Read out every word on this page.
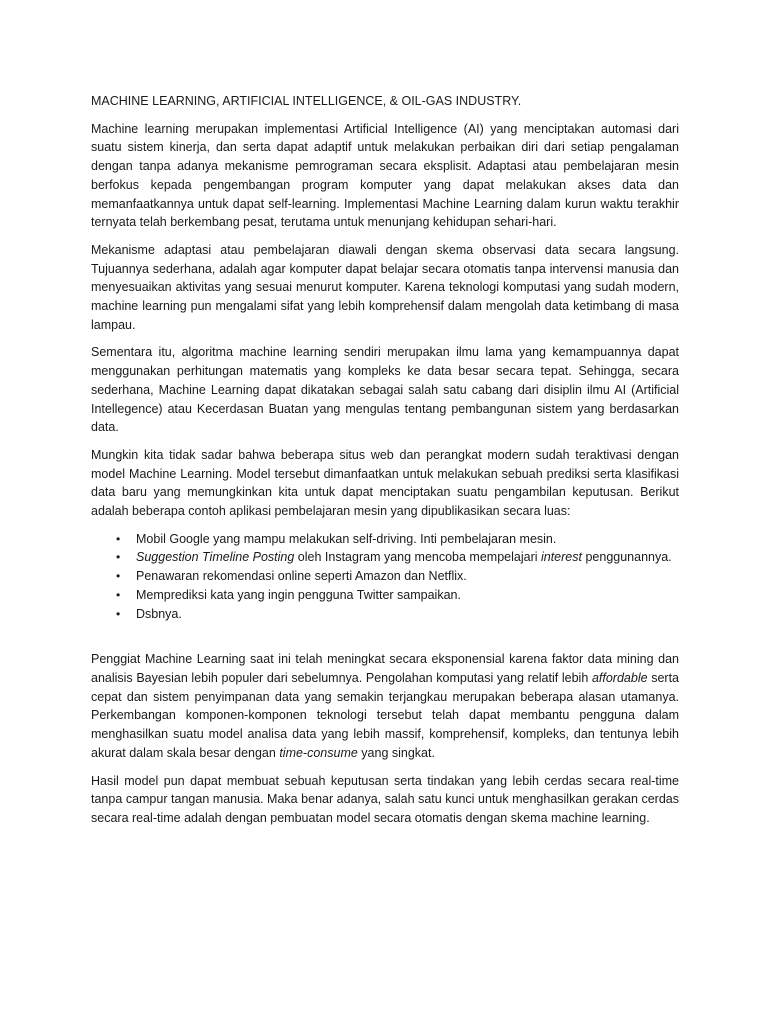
MACHINE LEARNING, ARTIFICIAL INTELLIGENCE, & OIL-GAS INDUSTRY.

Machine learning merupakan implementasi Artificial Intelligence (AI) yang menciptakan automasi dari suatu sistem kinerja, dan serta dapat adaptif untuk melakukan perbaikan diri dari setiap pengalaman dengan tanpa adanya mekanisme pemrograman secara eksplisit. Adaptasi atau pembelajaran mesin berfokus kepada pengembangan program komputer yang dapat melakukan akses data dan memanfaatkannya untuk dapat self-learning. Implementasi Machine Learning dalam kurun waktu terakhir ternyata telah berkembang pesat, terutama untuk menunjang kehidupan sehari-hari.

Mekanisme adaptasi atau pembelajaran diawali dengan skema observasi data secara langsung. Tujuannya sederhana, adalah agar komputer dapat belajar secara otomatis tanpa intervensi manusia dan menyesuaikan aktivitas yang sesuai menurut komputer. Karena teknologi komputasi yang sudah modern, machine learning pun mengalami sifat yang lebih komprehensif dalam mengolah data ketimbang di masa lampau.

Sementara itu, algoritma machine learning sendiri merupakan ilmu lama yang kemampuannya dapat menggunakan perhitungan matematis yang kompleks ke data besar secara tepat. Sehingga, secara sederhana, Machine Learning dapat dikatakan sebagai salah satu cabang dari disiplin ilmu AI (Artificial Intellegence) atau Kecerdasan Buatan yang mengulas tentang pembangunan sistem yang berdasarkan data.

Mungkin kita tidak sadar bahwa beberapa situs web dan perangkat modern sudah teraktivasi dengan model Machine Learning. Model tersebut dimanfaatkan untuk melakukan sebuah prediksi serta klasifikasi data baru yang memungkinkan kita untuk dapat menciptakan suatu pengambilan keputusan. Berikut adalah beberapa contoh aplikasi pembelajaran mesin yang dipublikasikan secara luas:

• Mobil Google yang mampu melakukan self-driving. Inti pembelajaran mesin.
• Suggestion Timeline Posting oleh Instagram yang mencoba mempelajari interest penggunannya.
• Penawaran rekomendasi online seperti Amazon dan Netflix.
• Memprediksi kata yang ingin pengguna Twitter sampaikan.
• Dsbnya.

Penggiat Machine Learning saat ini telah meningkat secara eksponensial karena faktor data mining dan analisis Bayesian lebih populer dari sebelumnya. Pengolahan komputasi yang relatif lebih affordable serta cepat dan sistem penyimpanan data yang semakin terjangkau merupakan beberapa alasan utamanya. Perkembangan komponen-komponen teknologi tersebut telah dapat membantu pengguna dalam menghasilkan suatu model analisa data yang lebih massif, komprehensif, kompleks, dan tentunya lebih akurat dalam skala besar dengan time-consume yang singkat.

Hasil model pun dapat membuat sebuah keputusan serta tindakan yang lebih cerdas secara real-time tanpa campur tangan manusia. Maka benar adanya, salah satu kunci untuk menghasilkan gerakan cerdas secara real-time adalah dengan pembuatan model secara otomatis dengan skema machine learning.
